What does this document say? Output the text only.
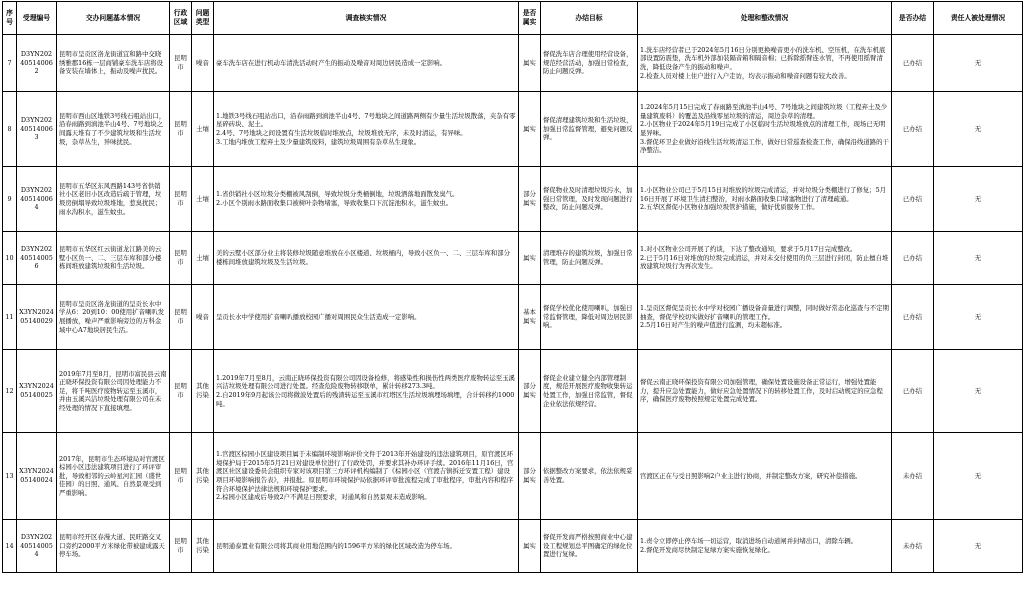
序号	受理编号	交办问题基本情况	行政区域	问题类型	调查核实情况	是否属实	办结目标	处理和整改情况	是否办结	责任人被处理情况
7	D3YN202405140062	昆明市呈贡区洛龙街道宜和路中交晓绣雅郡16栋一层商铺豪车洗车店将设备安装在墙体上，振动及噪声扰民。	昆明市	噪音	豪车洗车店在进行机动车清洗活动时产生的振动及噪音对周边居民造成一定影响。	属实	督促洗车店合理使用经营设备，规范经营活动，加强日常检查，防止问题反弹。	1.洗车店经营者已于2024年5月16日分别更换噪音更小的洗车机、空压机，在洗车机底部设置防震垫，洗车机外部加装隔音箱和隔音棉；已拆除摇臂连水管，不再使用摇臂清洗，降低设备产生的振动和噪声。
2.检查人员对楼上住户进行入户走访，均表示振动和噪音问题有较大改善。	已办结	无
8	D3YN202405140063	昆明市西山区地铁3号线石咀站出口，沿春雨路到滇池半山4号、7号地块之间露天堆有了不少建筑垃圾和生活垃圾，杂草丛生，异味扰民。	昆明市	土壤	1.地铁3号线石咀站出口，沿春雨路到滇池半山4号、7号地块之间道路两侧有少量生活垃圾散落，夹杂有零星碎砖块、泥土。
2.4号、7号地块之间设置有生活垃圾临时堆放点，垃圾堆放无序，未及时清运，有异味。
3.工地内堆放工程弃土及少量建筑废料，建筑垃圾周围有杂草丛生现象。	属实	督促清理建筑垃圾和生活垃圾，加强日常监督管理，避免问题反弹。	1.2024年5月15日完成了春雨路至滇池半山4号、7号地块之间建筑垃圾（工程弃土及少量建筑废料）的覆盖及沿线零星垃圾的清运，周边杂草的清理。
2.小区物业于2024年5月19日完成了小区临时生活垃圾堆放点的清理工作，现场已无明显异味。
3.督促环卫企业做好沿线生活垃圾清运工作，做好日常巡查检查工作，确保沿线道路的干净整洁。	已办结	无
9	D3YN202405140064	昆明市五华区东风西路143号省供销社小区老旧小区改造后疏于管理，垃圾房倒塌导致垃圾堆地，惹臭扰民；雨水沟积水，滋生蚊虫。	昆明市	土壤	1.省供销社小区垃圾分类棚被风刮倒，导致垃圾分类桶倒地，垃圾洒落地面散发臭气。
2.小区个别雨水路面收集口被树叶杂物堵塞，导致收集口下沉淀池积水，滋生蚊虫。	部分属实	督促物业及时清理垃圾污水，加强日常管理，及时发现问题进行整改，防止问题反弹。	1.小区物业公司已于5月15日对堆放的垃圾完成清运，并对垃圾分类棚进行了修复；5月16日开展了环境卫生清扫整治，对雨水路面收集口堵塞物进行了清理疏通。
2.五华区督促小区物业加强垃圾管护措施，做好优质服务工作。	已办结	无
10	D3YN202405140056	昆明市五华区红云街道龙江路美的云墅小区负一、二、三层车库和部分楼栋间堆放建筑垃圾和生活垃圾。	昆明市	土壤	美的云墅小区部分业主将装修垃圾随意堆放在小区楼道、垃圾桶内，导致小区负一、二、三层车库和部分楼栋间堆放建筑垃圾及生活垃圾。	属实	清理堆存的建筑垃圾，加强日常管理，防止问题反弹。	1.对小区物业公司开展了约谈，下达了整改通知，要求于5月17日完成整改。
2.已于5月16日对堆放的垃圾完成清运，并对未交付使用的负三层进行封闭，防止擅自堆放建筑垃圾行为再次发生。	已办结	无
11	X3YN202405140029	昆明市呈贡区洛龙街道的呈贡长水中学从6：20到10：00使用扩音喇叭发展播放，噪声严重影响旁边的万科金域中心A7地块居民生活。	昆明市	噪音	呈贡长水中学使用扩音喇叭播放校园广播对周围民众生活造成一定影响。	基本属实	督促学校优化使用喇叭，加强日常监督管理，降低对周边居民影响。	1.呈贡区督促呈贡长水中学对校园广播设备音量进行调整，同时做好常态化巡查与不定期抽查，督促学校切实做好扩音喇叭的管理工作。
2.5月16日对产生的噪声值进行监测，均未超标准。	已办结	无
12	X3YN202405140025	2019年7月至8月，昆明市富民县云南正晓环保投资有限公司因处理能力不足，将千吨医疗废物转运至玉溪市，并由玉溪兴洁垃圾处理有限公司在未经处理的情况下直接填埋。	昆明市	其他污染	1.2019年7月至8月，云南正晓环保投资有限公司因设备检修，将感染性和损伤性两类医疗废物转运至玉溪兴洁垃圾处理有限公司进行处置。经查危险废物转移联单，累计转移273.3吨。
2.自2019年9月起该公司将微波处置后的残渣转运至玉溪市红塔区生活垃圾填埋场填埋，合计转移约1000吨。	部分属实	督促企业建立健全内部管理制度，规范开展医疗废物收集转运处置工作，加强日常监管，督促企业依法依规经营。	督促云南正晓环保投资有限公司加强管理，确保处置设施设备正常运行，增强处置能力，提升应急处置能力，做好应急处置情况下的转移处置工作，及时启动规定的应急程序，确保医疗废物按照规定处置完成处置。	已办结	无
13	X3YN202405140024	2017年，昆明市生态环境局对官渡区棕园小区违法建筑项目进行了环评审批，导致相邻的云岭星河汇园（盛世佳园）的日照、通风、自然景观受到严重影响。	昆明市	其他污染	1.官渡区棕园小区建设项目属于未编制环境影响评价文件于2013年开始建设的违法建筑项目，原官渡区环境保护局于2015年5月21日对建设单位进行了行政处罚，并要求其补办环评手续。2016年11月16日，官渡区社区建设委员会组织专家对该项目第三方环评机构编制了《棕园小区（官渡吉镇拆迁安置工程）建设项目环境影响报告表》，并报批。原昆明市环境保护局依据环评审批流程完成了审批程序，审批内容和程序符合环境保护法律法规和环境保护要求。
2.棕园小区建成后导致2户不满足日照要求，对通风和自然景观未造成影响。	部分属实	依据整改方案要求，依法依规妥善处置。	官渡区正在与受日照影响2户业主进行协商，并制定整改方案，研究补偿措施。	未办结	无
14	D3YN202405140054	昆明市经开区春漫大道、民旺路交叉口旁约2000平方米绿化带被建成露天停车场。	昆明市	其他污染	昆明通泰置业有限公司将其商业用地范围内的1596平方米的绿化区域改造为停车场。	属实	督促开发商严格按照商业中心建设工程规划总平图确定的绿化位置进行复绿。	1.责令立即停止停车场一切运营，取消进场自动道闸并封堵出口，清除车辆。
2.督促开发商尽快制定复绿方案实施恢复绿化。	未办结	无
